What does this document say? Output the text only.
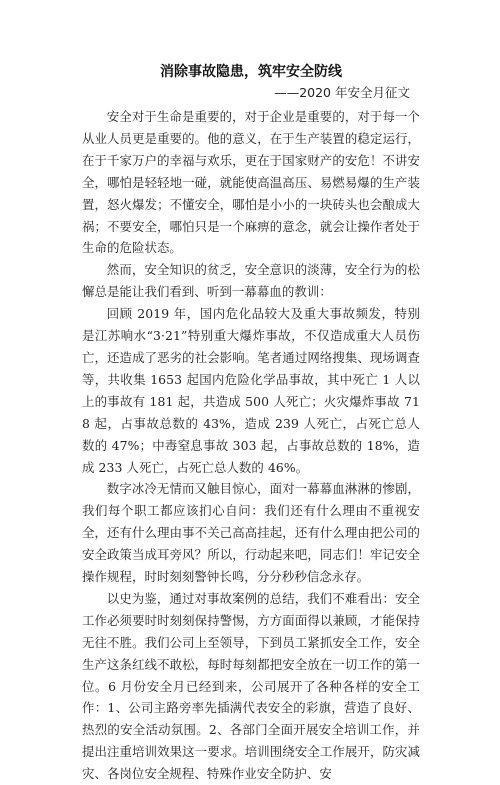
消除事故隐患，筑牢安全防线
——2020 年安全月征文

安全对于生命是重要的，对于企业是重要的，对于每一个从业人员更是重要的。他的意义，在于生产装置的稳定运行，在于千家万户的幸福与欢乐，更在于国家财产的安危！不讲安全，哪怕是轻轻地一碰，就能使高温高压、易燃易爆的生产装置，怒火爆发；不懂安全，哪怕是小小的一块砖头也会酿成大祸；不要安全，哪怕只是一个麻痹的意念，就会让操作者处于生命的危险状态。

然而，安全知识的贫乏，安全意识的淡薄，安全行为的松懈总是能让我们看到、听到一幕幕血的教训：

回顾 2019 年，国内危化品较大及重大事故频发，特别是江苏响水“3·21”特别重大爆炸事故，不仅造成重大人员伤亡，还造成了恶劣的社会影响。笔者通过网络搜集、现场调查等，共收集 1653 起国内危险化学品事故，其中死亡 1 人以上的事故有 181 起，共造成 500 人死亡；火灾爆炸事故 718 起，占事故总数的 43%，造成 239 人死亡，占死亡总人数的 47%；中毒窒息事故 303 起，占事故总数的 18%，造成 233 人死亡，占死亡总人数的 46%。

数字冰冷无情而又触目惊心，面对一幕幕血淋淋的惨剧，我们每个职工都应该扪心自问：我们还有什么理由不重视安全，还有什么理由事不关己高高挂起，还有什么理由把公司的安全政策当成耳旁风？所以，行动起来吧，同志们！牢记安全操作规程，时时刻刻警钟长鸣，分分秒秒信念永存。

以史为鉴，通过对事故案例的总结，我们不难看出：安全工作必须要时时刻刻保持警惕，方方面面得以兼顾，才能保持无往不胜。我们公司上至领导，下到员工紧抓安全工作，安全生产这条红线不敢松，每时每刻都把安全放在一切工作的第一位。6 月份安全月已经到来，公司展开了各种各样的安全工作：1、公司主路旁率先插满代表安全的彩旗，营造了良好、热烈的安全活动氛围。2、各部门全面开展安全培训工作，并提出注重培训效果这一要求。培训围绕安全工作展开，防灾减灾、各岗位安全规程、特殊作业安全防护、安
